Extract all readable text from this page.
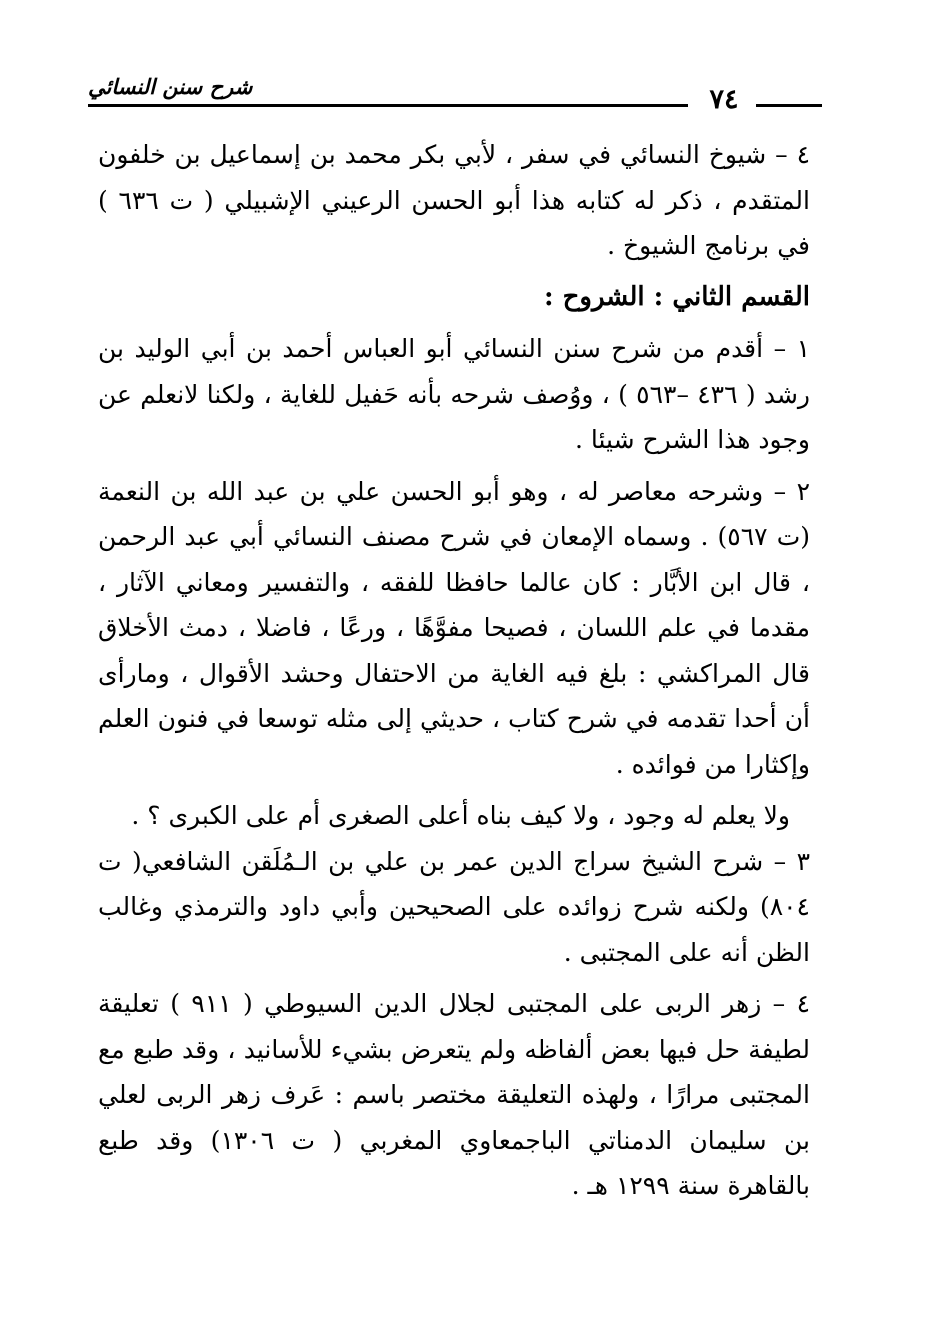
شرح سنن النسائي	٧٤

٤ – شيوخ النسائي في سفر ، لأبي بكر محمد بن إسماعيل بن خلفون المتقدم ، ذكر له كتابه هذا أبو الحسن الرعيني الإشبيلي ( ت ٦٣٦ ) في برنامج الشيوخ .

القسم الثاني : الشروح :

١ – أقدم من شرح سنن النسائي أبو العباس أحمد بن أبي الوليد بن رشد ( ٤٣٦ –٥٦٣ ) ، ووُصف شرحه بأنه حَفيل للغاية ، ولكنا لانعلم عن وجود هذا الشرح شيئا .

٢ – وشرحه معاصر له ، وهو أبو الحسن علي بن عبد الله بن النعمة (ت ٥٦٧) . وسماه الإمعان في شرح مصنف النسائي أبي عبد الرحمن ، قال ابن الأبَّار : كان عالما حافظا للفقه ، والتفسير ومعاني الآثار ، مقدما في علم اللسان ، فصيحا مفوَّهًا ، ورعًا ، فاضلا ، دمث الأخلاق قال المراكشي : بلغ فيه الغاية من الاحتفال وحشد الأقوال ، ومارأى أن أحدا تقدمه في شرح كتاب ، حديثي إلى مثله توسعا في فنون العلم وإكثارا من فوائده .

ولا يعلم له وجود ، ولا كيف بناه أعلى الصغرى أم على الكبرى ؟ .

٣ – شرح الشيخ سراج الدين عمر بن علي بن الـمُلَقن الشافعي( ت ٨٠٤) ولكنه شرح زوائده على الصحيحين وأبي داود والترمذي وغالب الظن أنه على المجتبى .

٤ – زهر الربى على المجتبى لجلال الدين السيوطي ( ٩١١ ) تعليقة لطيفة حل فيها بعض ألفاظه ولم يتعرض بشيء للأسانيد ، وقد طبع مع المجتبى مرارًا ، ولهذه التعليقة مختصر باسم : عَرف زهر الربى لعلي بن سليمان الدمناتي الباجمعاوي المغربي ( ت ١٣٠٦) وقد طبع بالقاهرة سنة ١٢٩٩ هـ .
